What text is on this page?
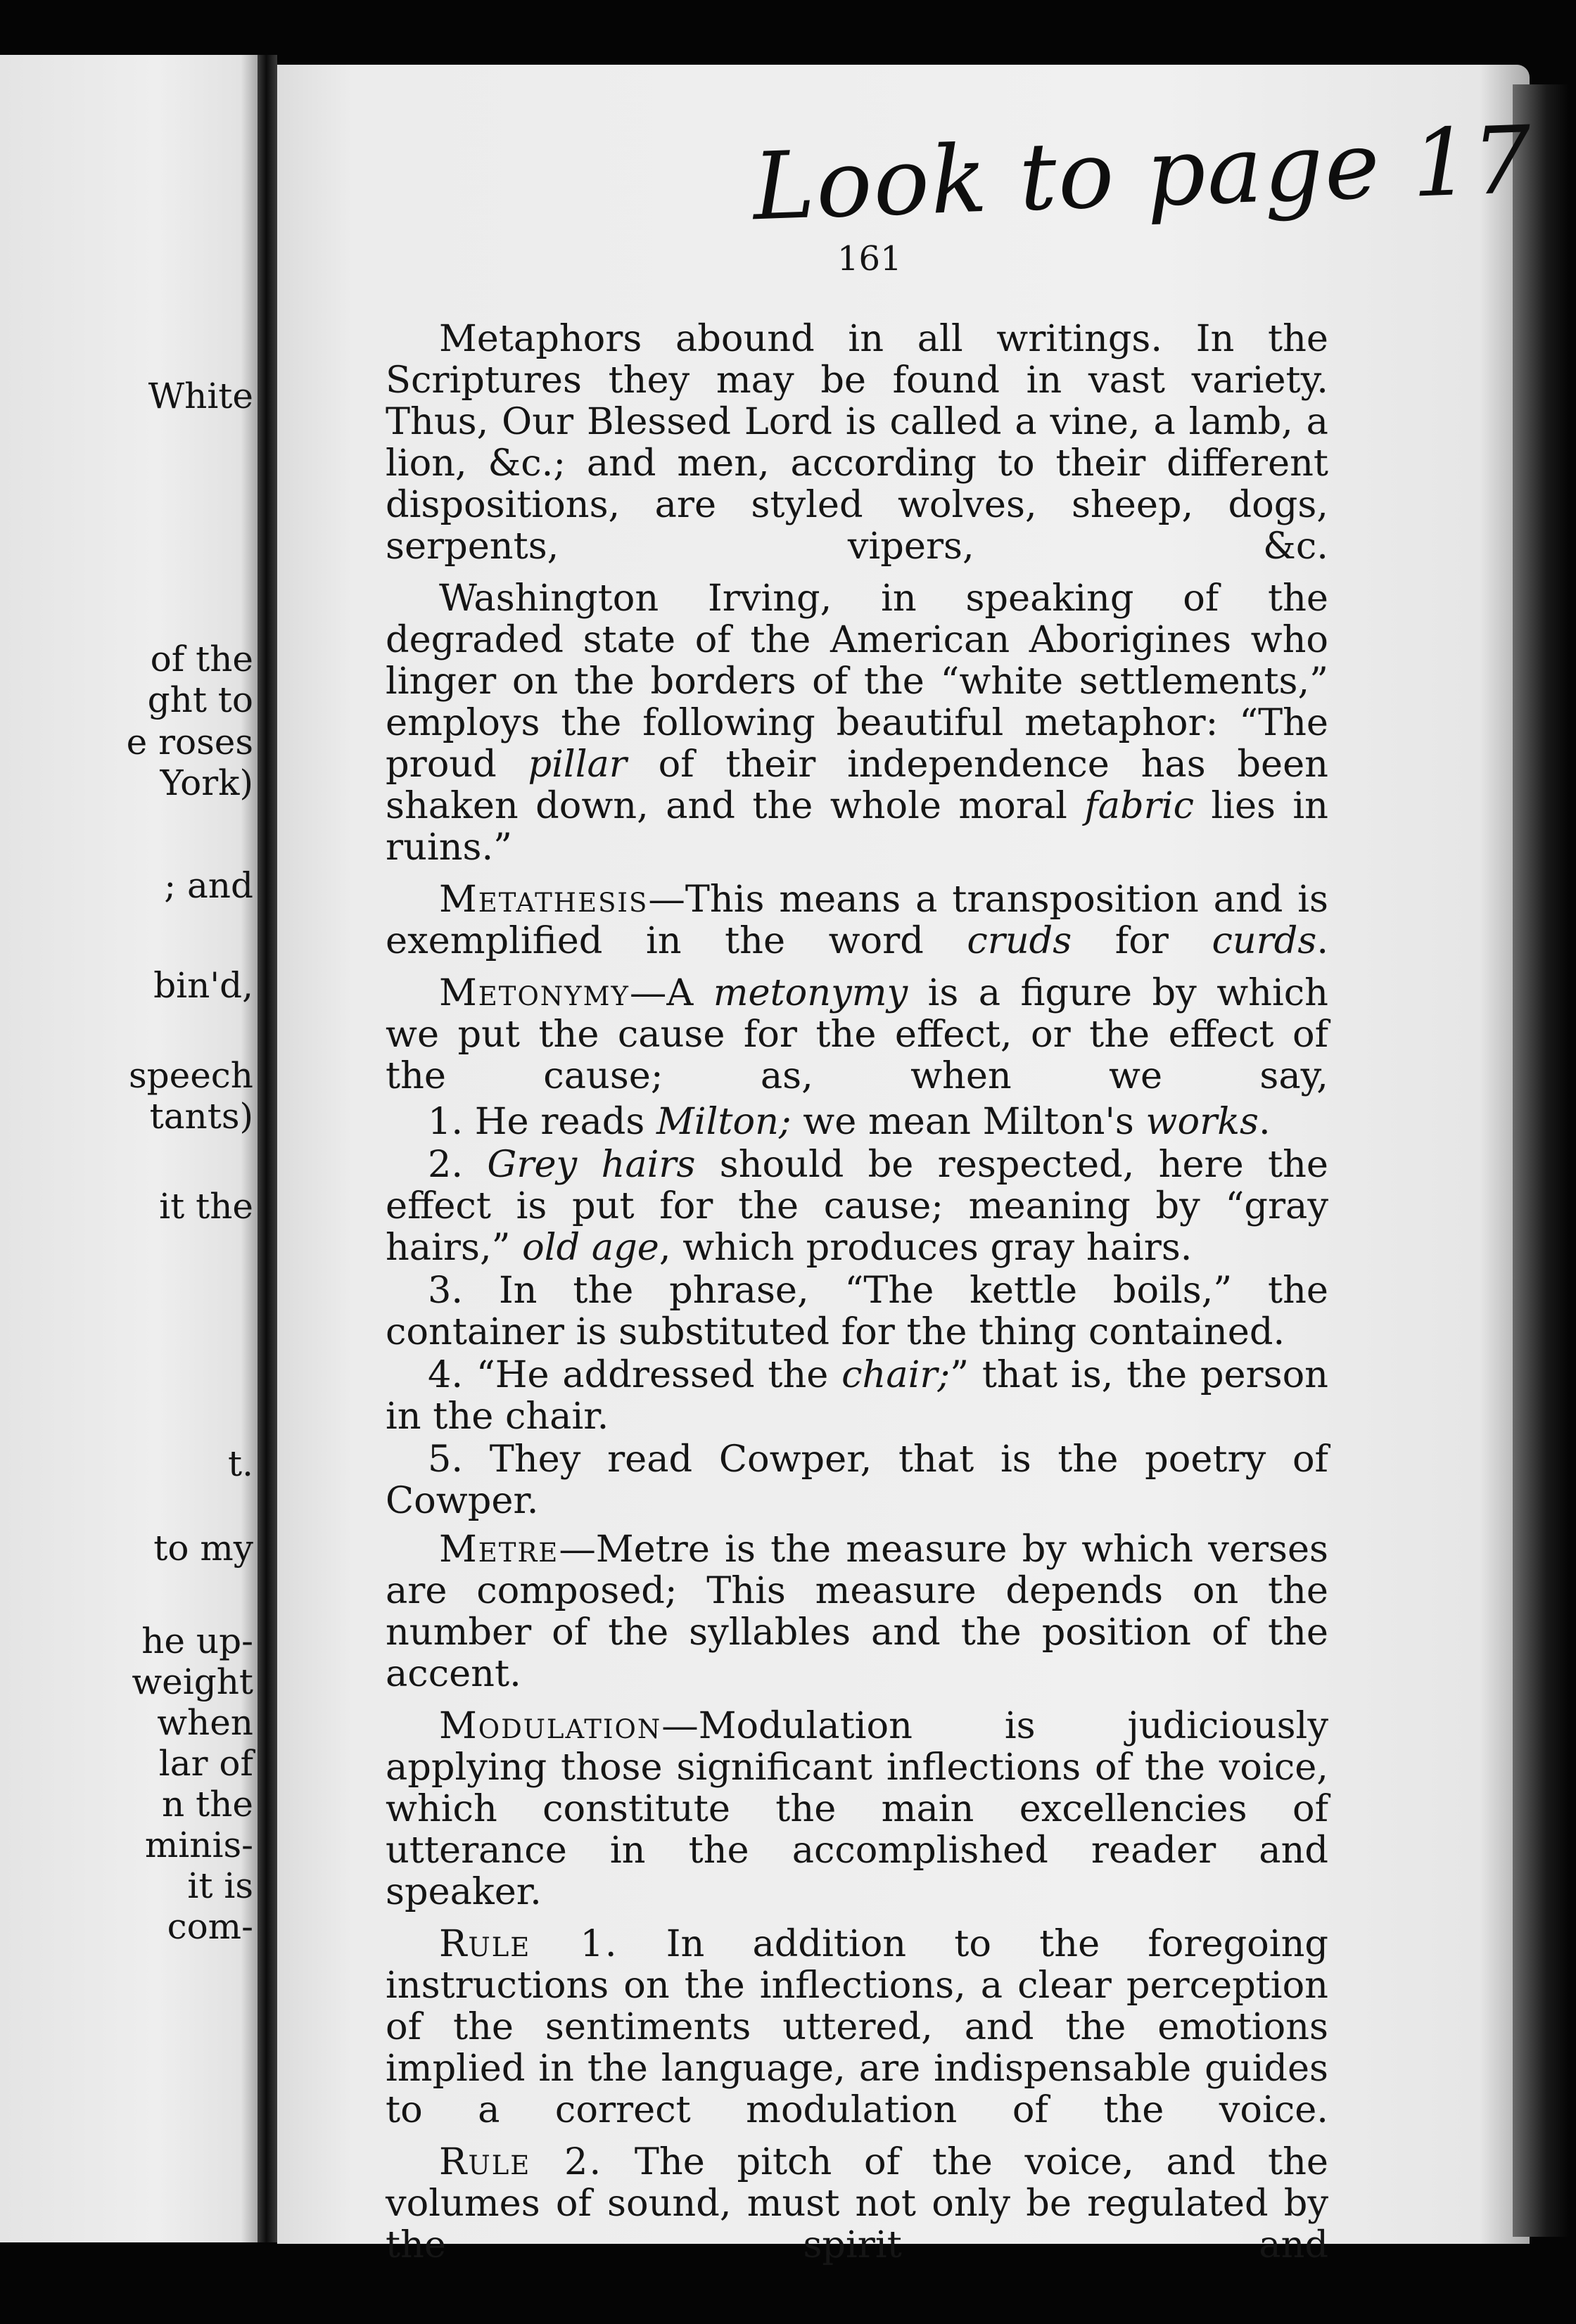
White
of the
ght to
e roses
York)
; and
bin'd,
speech
tants)
it the
t.
to my
he up-
weight
when
lar of
n the
minis-
it is
com-
Look to page 17
161

Metaphors abound in all writings. In the Scriptures they may be found in vast variety. Thus, Our Blessed Lord is called a vine, a lamb, a lion, &c.; and men, according to their different dispositions, are styled wolves, sheep, dogs, serpents, vipers, &c.

Washington Irving, in speaking of the degraded state of the American Aborigines who linger on the borders of the “white settlements,” employs the following beautiful metaphor: “The proud pillar of their independence has been shaken down, and the whole moral fabric lies in ruins.”

Metathesis—This means a transposition and is exemplified in the word cruds for curds.

Metonymy—A metonymy is a figure by which we put the cause for the effect, or the effect of the cause; as, when we say,

1. He reads Milton; we mean Milton's works.

2. Grey hairs should be respected, here the effect is put for the cause; meaning by “gray hairs,” old age, which produces gray hairs.

3. In the phrase, “The kettle boils,” the container is substituted for the thing contained.

4. “He addressed the chair;” that is, the person in the chair.

5. They read Cowper, that is the poetry of Cowper.

Metre—Metre is the measure by which verses are composed; This measure depends on the number of the syllables and the position of the accent.

Modulation—Modulation is judiciously applying those significant inflections of the voice, which constitute the main excellencies of utterance in the accomplished reader and speaker.

Rule 1. In addition to the foregoing instructions on the inflections, a clear perception of the sentiments uttered, and the emotions implied in the language, are indispensable guides to a correct modulation of the voice.

Rule 2. The pitch of the voice, and the volumes of sound, must not only be regulated by the spirit and
